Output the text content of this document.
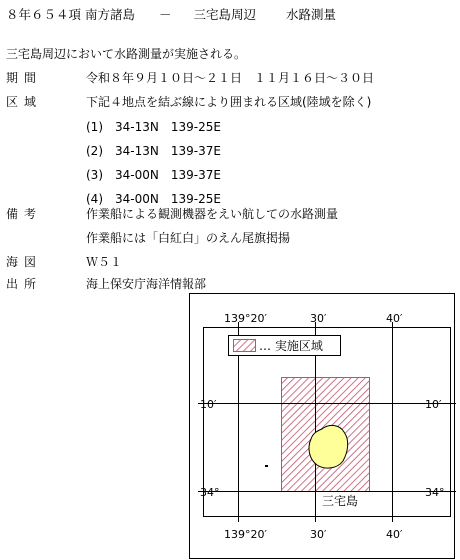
８年６５４項 南方諸島 － 三宅島周辺 水路測量
三宅島周辺において水路測量が実施される。
期間	令和８年９月１０日～２１日　１１月１６日～３０日
区域	下記４地点を結ぶ線により囲まれる区域(陸域を除く)
(1)　34-13N　139-25E
(2)　34-13N　139-37E
(3)　34-00N　139-37E
(4)　34-00N　139-25E
備考	作業船による観測機器をえい航しての水路測量
作業船には「白紅白」のえん尾旗掲揚
海図	Ｗ５１
出所	海上保安庁海洋情報部
… 実施区域
三宅島
139°20′	30′	40′
139°20′	30′	40′
10′
34°
10′
34°
